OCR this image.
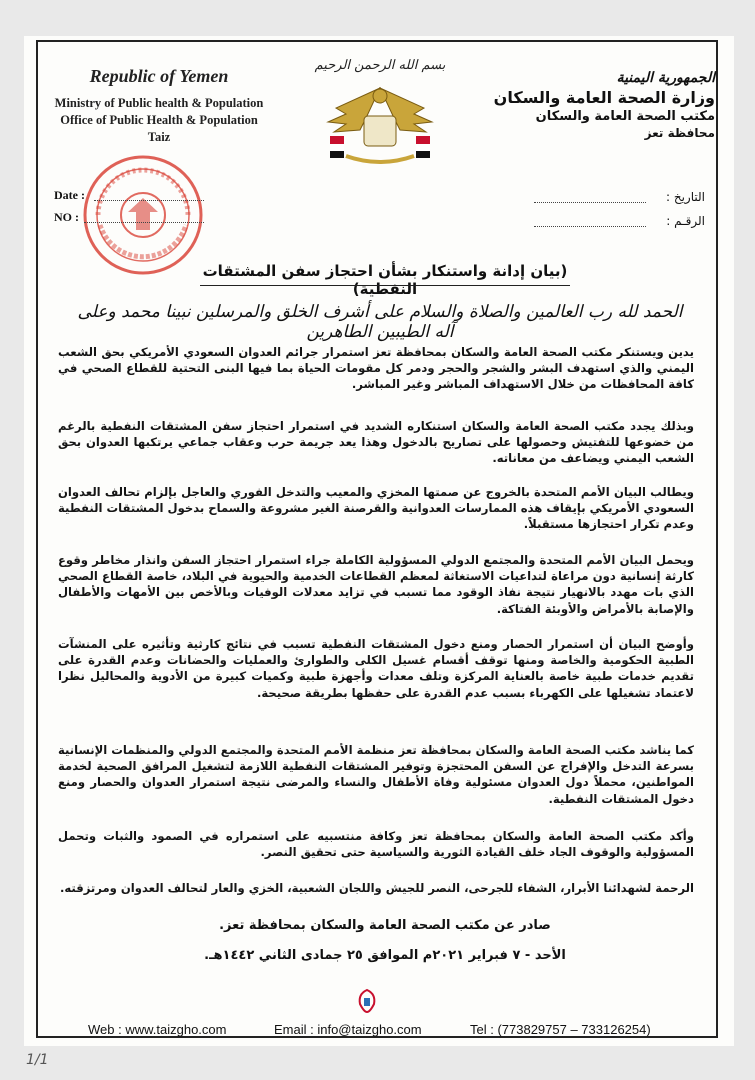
Republic of Yemen
Ministry of Public health & Population
Office of Public Health & Population
Taiz
بسم الله الرحمن الرحيم
الجمهورية اليمنية
وزارة الصحة العامة والسكان
مكتب الصحة العامة والسكان
محافظة تعز
Date :
NO :
التاريخ :
الرقـم :
(بيان إدانة واستنكار بشأن احتجاز سفن المشتقات النفطية)
الحمد لله رب العالمين والصلاة والسلام على أشرف الخلق والمرسلين نبينا محمد وعلى آله الطيبين الطاهرين
يدين ويستنكر مكتب الصحة العامة والسكان بمحافظة تعز استمرار جرائم العدوان السعودي الأمريكي بحق الشعب اليمني والذي استهدف البشر والشجر والحجر ودمر كل مقومات الحياة بما فيها البنى التحتية للقطاع الصحي في كافة المحافظات من خلال الاستهداف المباشر وغير المباشر.
وبذلك يجدد مكتب الصحة العامة والسكان استنكاره الشديد في استمرار احتجاز سفن المشتقات النفطية بالرغم من خضوعها للتفتيش وحصولها على تصاريح بالدخول وهذا يعد جريمة حرب وعقاب جماعي يرتكبها العدوان بحق الشعب اليمني ويضاعف من معاناته.
ويطالب البيان الأمم المتحدة بالخروج عن صمتها المخزي والمعيب والتدخل الفوري والعاجل بإلزام تحالف العدوان السعودي الأمريكي بإيقاف هذه الممارسات العدوانية والقرصنة الغير مشروعة والسماح بدخول المشتقات النفطية وعدم تكرار احتجازها مستقبلاً.
ويحمل البيان الأمم المتحدة والمجتمع الدولي المسؤولية الكاملة جراء استمرار احتجاز السفن وانذار مخاطر وقوع كارثة إنسانية دون مراعاة لتداعيات الاستغاثة لمعظم القطاعات الخدمية والحيوية في البلاد، خاصة القطاع الصحي الذي بات مهدد بالانهيار نتيجة نفاذ الوقود مما تسبب في تزايد معدلات الوفيات وبالأخص بين الأمهات والأطفال والإصابة بالأمراض والأوبئة الفتاكة.
وأوضح البيان أن استمرار الحصار ومنع دخول المشتقات النفطية تسبب في نتائج كارثية وتأثيره على المنشآت الطبية الحكومية والخاصة ومنها توقف أقسام غسيل الكلى والطوارئ والعمليات والحضانات وعدم القدرة على تقديم خدمات طبية خاصة بالعناية المركزة وتلف معدات وأجهزة طبية وكميات كبيرة من الأدوية والمحاليل نظرا لاعتماد تشغيلها على الكهرباء بسبب عدم القدرة على حفظها بطريقة صحيحة.
كما يناشد مكتب الصحة العامة والسكان بمحافظة تعز منظمة الأمم المتحدة والمجتمع الدولي والمنظمات الإنسانية بسرعة التدخل والإفراج عن السفن المحتجزة وتوفير المشتقات النفطية اللازمة لتشغيل المرافق الصحية لخدمة المواطنين، محملاً دول العدوان مسئولية وفاة الأطفال والنساء والمرضى نتيجة استمرار العدوان والحصار ومنع دخول المشتقات النفطية.
وأكد مكتب الصحة العامة والسكان بمحافظة تعز وكافة منتسبيه على استمراره في الصمود والثبات وتحمل المسؤولية والوقوف الجاد خلف القيادة الثورية والسياسية حتى تحقيق النصر.
الرحمة لشهدائنا الأبرار، الشفاء للجرحى، النصر للجيش واللجان الشعبية، الخزي والعار لتحالف العدوان ومرتزقته.
صادر عن مكتب الصحة العامة والسكان بمحافظة تعز.
الأحد - ٧ فبراير ٢٠٢١م الموافق ٢٥ جمادى الثاني ١٤٤٢هـ.
Web : www.taizgho.com	Email : info@taizgho.com	Tel : (773829757 – 733126254)
1/1
